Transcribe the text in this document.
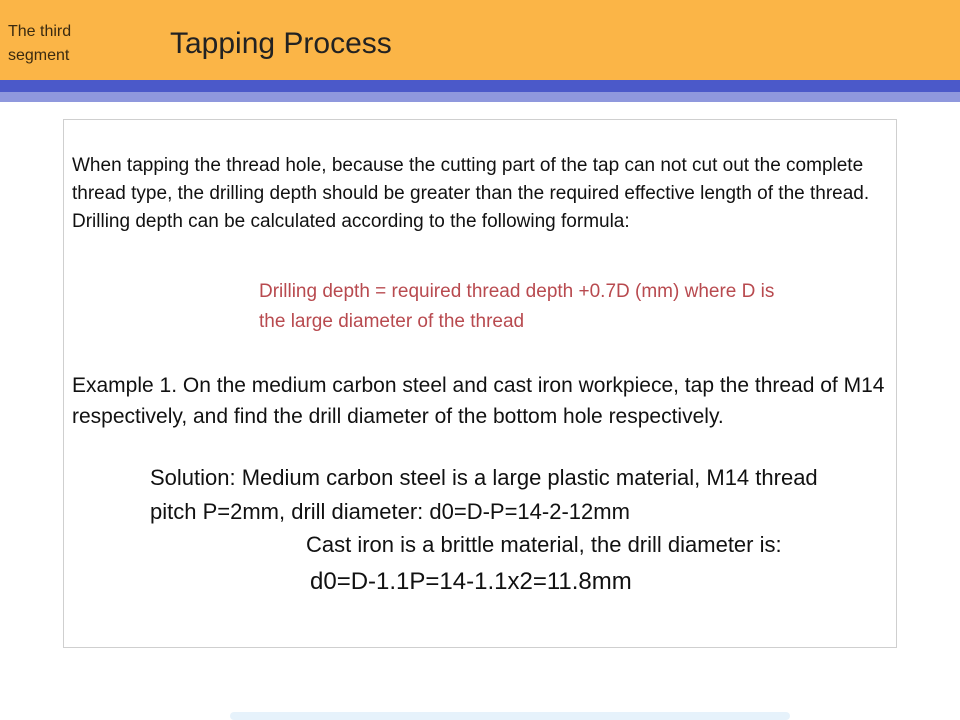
The third segment	Tapping Process

When tapping the thread hole, because the cutting part of the tap can not cut out the complete thread type, the drilling depth should be greater than the required effective length of the thread. Drilling depth can be calculated according to the following formula:

Drilling depth = required thread depth +0.7D (mm) where D is the large diameter of the thread

Example 1. On the medium carbon steel and cast iron workpiece, tap the thread of M14 respectively, and find the drill diameter of the bottom hole respectively.

Solution: Medium carbon steel is a large plastic material, M14 thread pitch P=2mm, drill diameter: d0=D-P=14-2-12mm

Cast iron is a brittle material, the drill diameter is:

d0=D-1.1P=14-1.1x2=11.8mm
